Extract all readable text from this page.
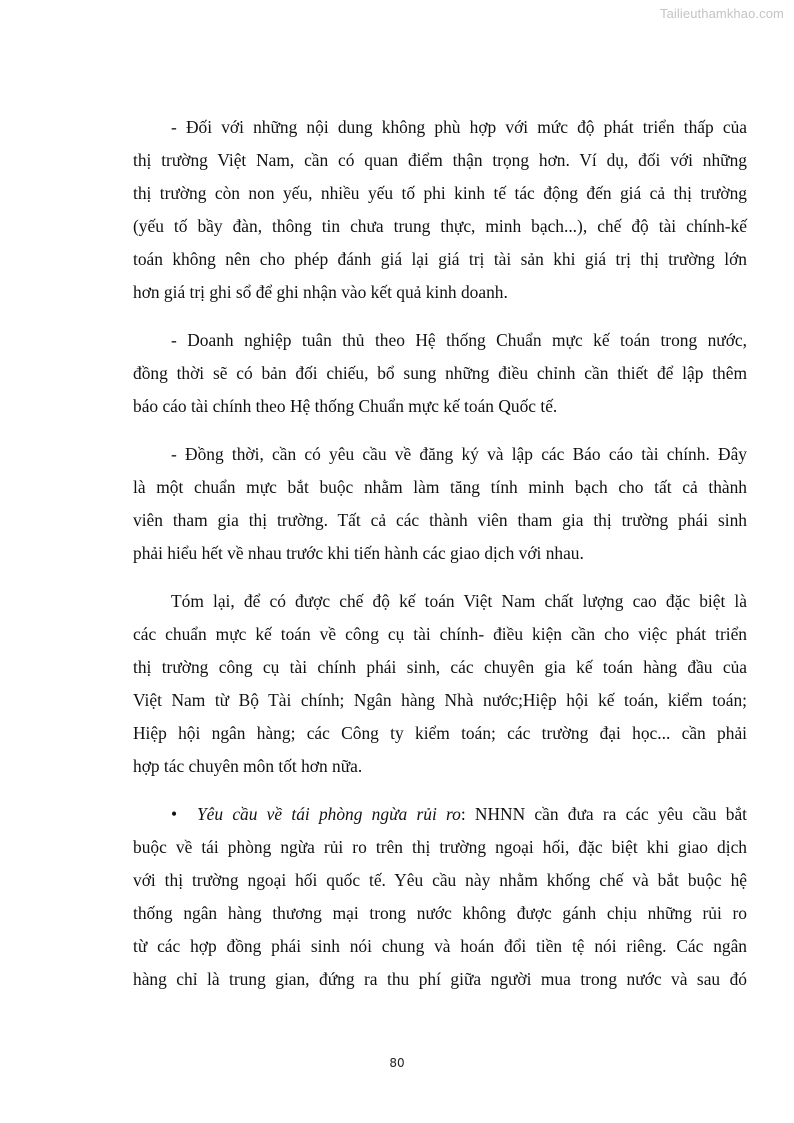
Tailieuthamkhao.com
- Đối với những nội dung không phù hợp với mức độ phát triển thấp của
thị trường Việt Nam, cần có quan điểm thận trọng hơn. Ví dụ, đối với những
thị trường còn non yếu, nhiều yếu tố phi kinh tế tác động đến giá cả thị trường
(yếu tố bầy đàn, thông tin chưa trung thực, minh bạch...), chế độ tài chính-kế
toán không nên cho phép đánh giá lại giá trị tài sản khi giá trị thị trường lớn
hơn giá trị ghi sổ để ghi nhận vào kết quả kinh doanh.
- Doanh nghiệp tuân thủ theo Hệ thống Chuẩn mực kế toán trong nước,
đồng thời sẽ có bản đối chiếu, bổ sung những điều chỉnh cần thiết để lập thêm
báo cáo tài chính theo Hệ thống Chuẩn mực kế toán Quốc tế.
- Đồng thời, cần có yêu cầu về đăng ký và lập các Báo cáo tài chính. Đây
là một chuẩn mực bắt buộc nhằm làm tăng tính minh bạch cho tất cả thành
viên tham gia thị trường. Tất cả các thành viên tham gia thị trường phái sinh
phải hiểu hết về nhau trước khi tiến hành các giao dịch với nhau.
Tóm lại, để có được chế độ kế toán Việt Nam chất lượng cao đặc biệt là
các chuẩn mực kế toán về công cụ tài chính- điều kiện cần cho việc phát triển
thị trường công cụ tài chính phái sinh, các chuyên gia kế toán hàng đầu của
Việt Nam từ Bộ Tài chính; Ngân hàng Nhà nước;Hiệp hội kế toán, kiểm toán;
Hiệp hội ngân hàng; các Công ty kiểm toán; các trường đại học... cần phải
hợp tác chuyên môn tốt hơn nữa.
• Yêu cầu về tái phòng ngừa rủi ro: NHNN cần đưa ra các yêu cầu bắt
buộc về tái phòng ngừa rủi ro trên thị trường ngoại hối, đặc biệt khi giao dịch
với thị trường ngoại hối quốc tế. Yêu cầu này nhằm khống chế và bắt buộc hệ
thống ngân hàng thương mại trong nước không được gánh chịu những rủi ro
từ các hợp đồng phái sinh nói chung và hoán đổi tiền tệ nói riêng. Các ngân
hàng chỉ là trung gian, đứng ra thu phí giữa người mua trong nước và sau đó
80
